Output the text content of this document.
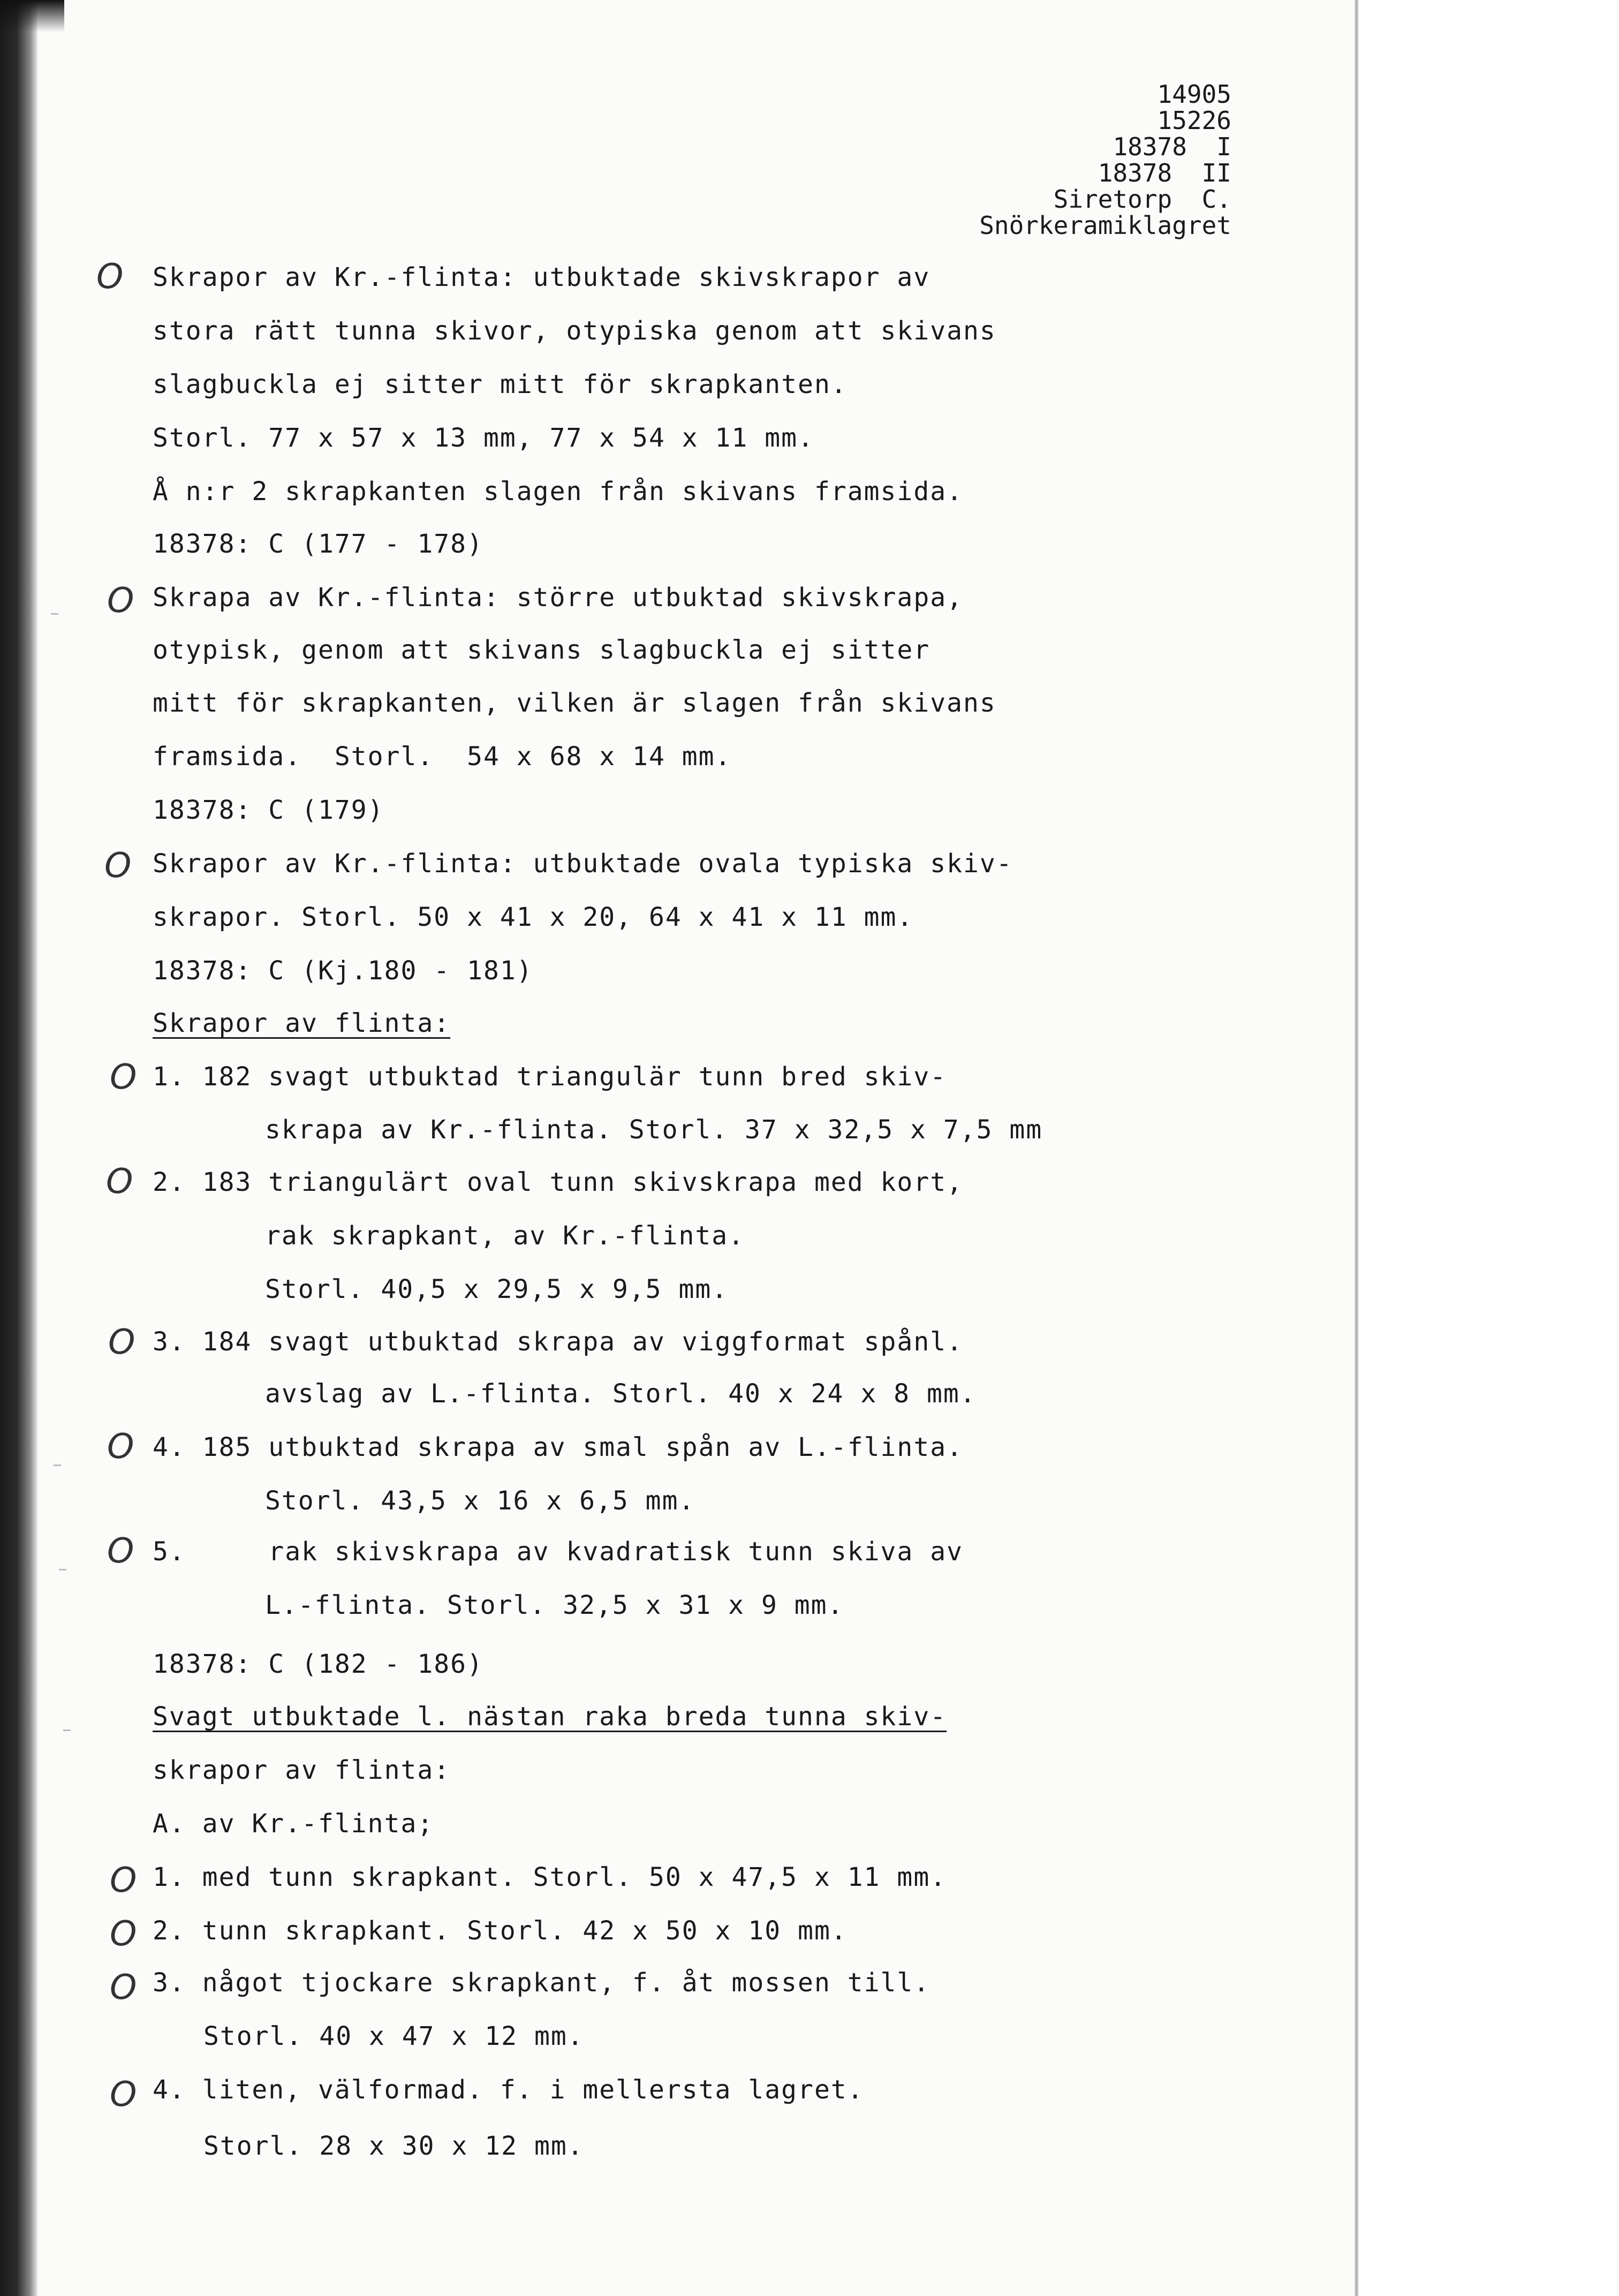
14905
15226
18378  I
18378  II
Siretorp  C.
Snörkeramiklagret
O
O
O
O
O
O
O
O
O
O
O
O
Skrapor av Kr.-flinta: utbuktade skivskrapor av
stora rätt tunna skivor, otypiska genom att skivans
slagbuckla ej sitter mitt för skrapkanten.
Storl. 77 x 57 x 13 mm, 77 x 54 x 11 mm.
Å n:r 2 skrapkanten slagen från skivans framsida.
18378: C (177 - 178)
Skrapa av Kr.-flinta: större utbuktad skivskrapa,
otypisk, genom att skivans slagbuckla ej sitter
mitt för skrapkanten, vilken är slagen från skivans
framsida.  Storl.  54 x 68 x 14 mm.
18378: C (179)
Skrapor av Kr.-flinta: utbuktade ovala typiska skiv-
skrapor. Storl. 50 x 41 x 20, 64 x 41 x 11 mm.
18378: C (Kj.180 - 181)
Skrapor av flinta:
1. 182 svagt utbuktad triangulär tunn bred skiv-
skrapa av Kr.-flinta. Storl. 37 x 32,5 x 7,5 mm
2. 183 triangulärt oval tunn skivskrapa med kort,
rak skrapkant, av Kr.-flinta.
Storl. 40,5 x 29,5 x 9,5 mm.
3. 184 svagt utbuktad skrapa av viggformat spånl.
avslag av L.-flinta. Storl. 40 x 24 x 8 mm.
4. 185 utbuktad skrapa av smal spån av L.-flinta.
Storl. 43,5 x 16 x 6,5 mm.
5.     rak skivskrapa av kvadratisk tunn skiva av
L.-flinta. Storl. 32,5 x 31 x 9 mm.
18378: C (182 - 186)
Svagt utbuktade l. nästan raka breda tunna skiv-
skrapor av flinta:
A. av Kr.-flinta;
1. med tunn skrapkant. Storl. 50 x 47,5 x 11 mm.
2. tunn skrapkant. Storl. 42 x 50 x 10 mm.
3. något tjockare skrapkant, f. åt mossen till.
Storl. 40 x 47 x 12 mm.
4. liten, välformad. f. i mellersta lagret.
Storl. 28 x 30 x 12 mm.
